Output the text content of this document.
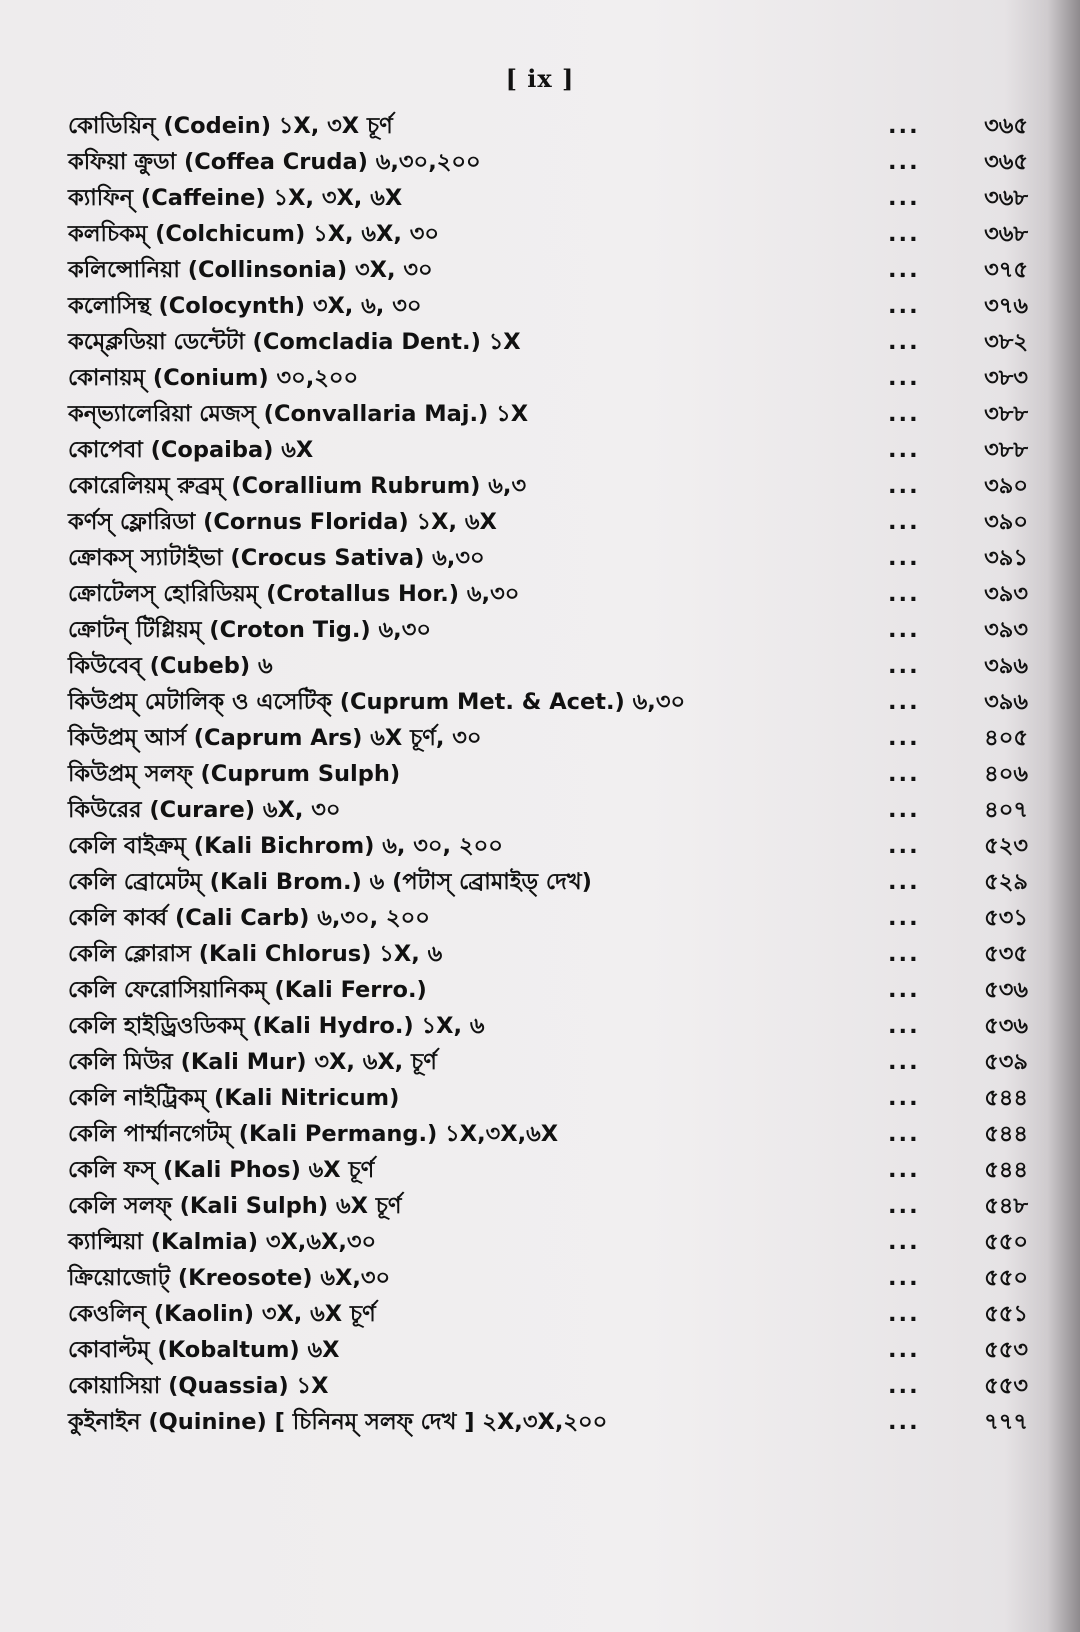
[ ix ]
কোডিয়িন্ (Codein) ১X, ৩X চূর্ণ	...	৩৬৫
কফিয়া ক্রুডা (Coffea Cruda) ৬,৩০,২০০	...	৩৬৫
ক্যাফিন্ (Caffeine) ১X, ৩X, ৬X	...	৩৬৮
কলচিকম্ (Colchicum) ১X, ৬X, ৩০	...	৩৬৮
কলিন্সোনিয়া (Collinsonia) ৩X, ৩০	...	৩৭৫
কলোসিন্থ (Colocynth) ৩X, ৬, ৩০	...	৩৭৬
কম্ক্লেডিয়া ডেন্টেটা (Comcladia Dent.) ১X	...	৩৮২
কোনায়ম্ (Conium) ৩০,২০০	...	৩৮৩
কন্ভ্যালেরিয়া মেজস্ (Convallaria Maj.) ১X	...	৩৮৮
কোপেবা (Copaiba) ৬X	...	৩৮৮
কোরেলিয়ম্ রুব্রম্ (Corallium Rubrum) ৬,৩	...	৩৯০
কর্ণস্ ফ্লোরিডা (Cornus Florida) ১X, ৬X	...	৩৯০
ক্রোকস্ স্যাটাইভা (Crocus Sativa) ৬,৩০	...	৩৯১
ক্রোটেলস্ হোরিডিয়ম্ (Crotallus Hor.) ৬,৩০	...	৩৯৩
ক্রোটন্ টিগ্লিয়ম্ (Croton Tig.) ৬,৩০	...	৩৯৩
কিউবেব্ (Cubeb) ৬	...	৩৯৬
কিউপ্রম্ মেটালিক্ ও এসেটিক্ (Cuprum Met. & Acet.) ৬,৩০	...	৩৯৬
কিউপ্রম্ আর্স (Caprum Ars) ৬X চূর্ণ, ৩০	...	৪০৫
কিউপ্রম্ সলফ্ (Cuprum Sulph)	...	৪০৬
কিউরের (Curare) ৬X, ৩০	...	৪০৭
কেলি বাইক্রম্ (Kali Bichrom) ৬, ৩০, ২০০	...	৫২৩
কেলি ব্রোমেটম্ (Kali Brom.) ৬ (পটাস্ ব্রোমাইড্ দেখ)	...	৫২৯
কেলি কার্ব্ব (Cali Carb) ৬,৩০, ২০০	...	৫৩১
কেলি ক্লোরাস (Kali Chlorus) ১X, ৬	...	৫৩৫
কেলি ফেরোসিয়ানিকম্ (Kali Ferro.)	...	৫৩৬
কেলি হাইড্রিওডিকম্ (Kali Hydro.) ১X, ৬	...	৫৩৬
কেলি মিউর (Kali Mur) ৩X, ৬X, চূর্ণ	...	৫৩৯
কেলি নাইট্রিকম্ (Kali Nitricum)	...	৫৪৪
কেলি পার্ম্মানগেটম্ (Kali Permang.) ১X,৩X,৬X	...	৫৪৪
কেলি ফস্ (Kali Phos) ৬X চূর্ণ	...	৫৪৪
কেলি সলফ্ (Kali Sulph) ৬X চূর্ণ	...	৫৪৮
ক্যাল্মিয়া (Kalmia) ৩X,৬X,৩০	...	৫৫০
ক্রিয়োজোট্ (Kreosote) ৬X,৩০	...	৫৫০
কেওলিন্ (Kaolin) ৩X, ৬X চূর্ণ	...	৫৫১
কোবাল্টম্ (Kobaltum) ৬X	...	৫৫৩
কোয়াসিয়া (Quassia) ১X	...	৫৫৩
কুইনাইন (Quinine) [ চিনিনম্ সলফ্ দেখ ] ২X,৩X,২০০	...	৭৭৭
